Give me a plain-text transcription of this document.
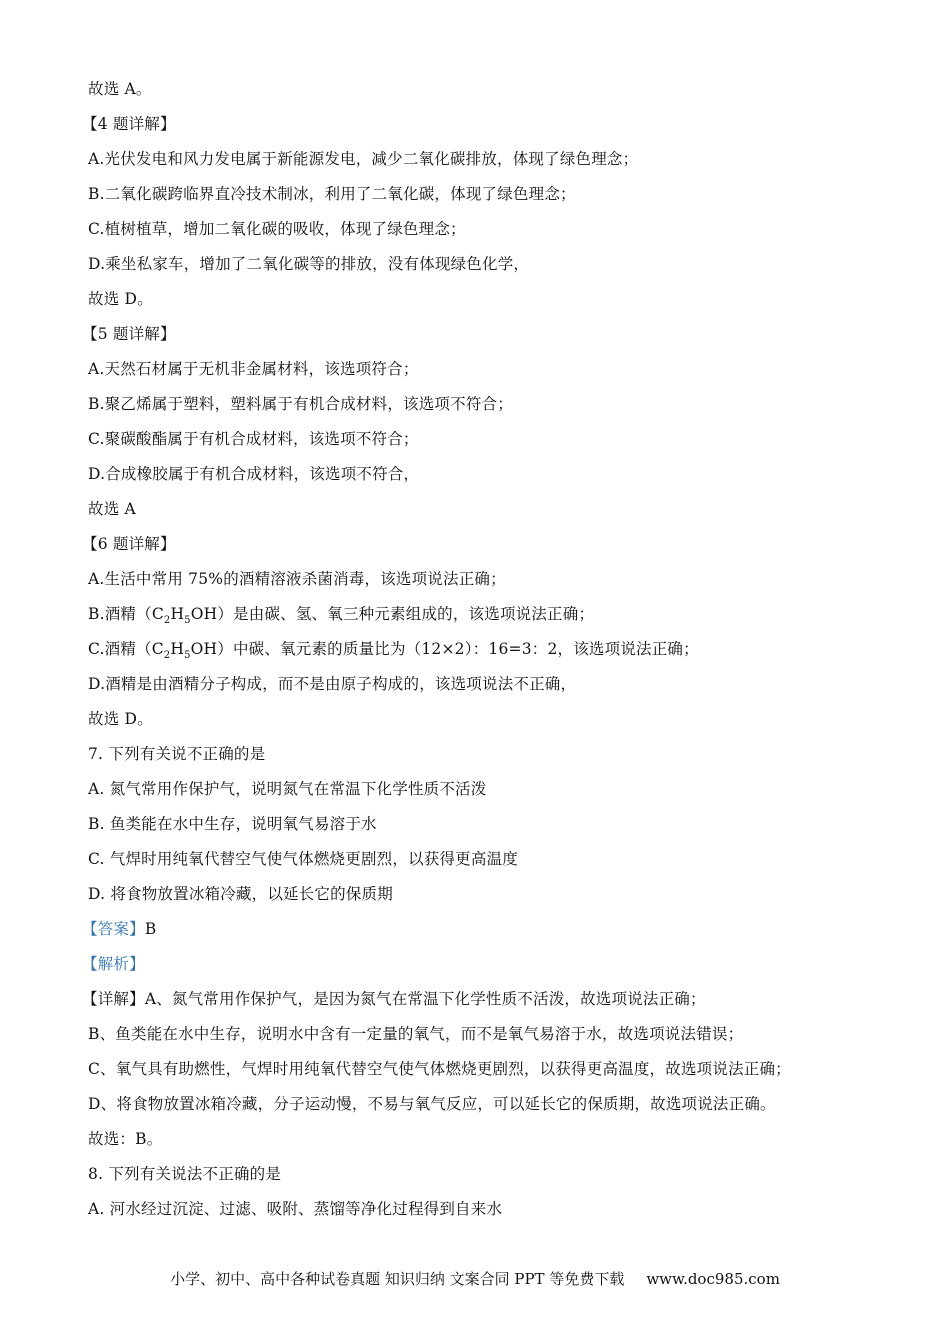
故选 A。
【4 题详解】
A.光伏发电和风力发电属于新能源发电，减少二氧化碳排放，体现了绿色理念；
B.二氧化碳跨临界直冷技术制冰，利用了二氧化碳，体现了绿色理念；
C.植树植草，增加二氧化碳的吸收，体现了绿色理念；
D.乘坐私家车，增加了二氧化碳等的排放，没有体现绿色化学，
故选 D。
【5 题详解】
A.天然石材属于无机非金属材料，该选项符合；
B.聚乙烯属于塑料，塑料属于有机合成材料，该选项不符合；
C.聚碳酸酯属于有机合成材料，该选项不符合；
D.合成橡胶属于有机合成材料，该选项不符合，
故选 A
【6 题详解】
A.生活中常用 75%的酒精溶液杀菌消毒，该选项说法正确；
B.酒精$(C_2H_5OH)$是由碳、氢、氧三种元素组成的，该选项说法正确；
C.酒精$(C_2H_5OH)$中碳、氧元素的质量比为（12×2）：16=3：2，该选项说法正确；
D.酒精是由酒精分子构成，而不是由原子构成的，该选项说法不正确，
故选 D。
7. 下列有关说不正确的是
A. 氮气常用作保护气，说明氮气在常温下化学性质不活泼
B. 鱼类能在水中生存，说明氧气易溶于水
C. 气焊时用纯氧代替空气使气体燃烧更剧烈，以获得更高温度
D. 将食物放置冰箱冷藏，以延长它的保质期
【答案】B
【解析】
【详解】A、氮气常用作保护气，是因为氮气在常温下化学性质不活泼，故选项说法正确；
B、鱼类能在水中生存，说明水中含有一定量的氧气，而不是氧气易溶于水，故选项说法错误；
C、氧气具有助燃性，气焊时用纯氧代替空气使气体燃烧更剧烈，以获得更高温度，故选项说法正确；
D、将食物放置冰箱冷藏，分子运动慢，不易与氧气反应，可以延长它的保质期，故选项说法正确。
故选：B。
8. 下列有关说法不正确的是
A. 河水经过沉淀、过滤、吸附、蒸馏等净化过程得到自来水
小学、初中、高中各种试卷真题 知识归纳 文案合同 PPT 等免费下载 www.doc985.com
